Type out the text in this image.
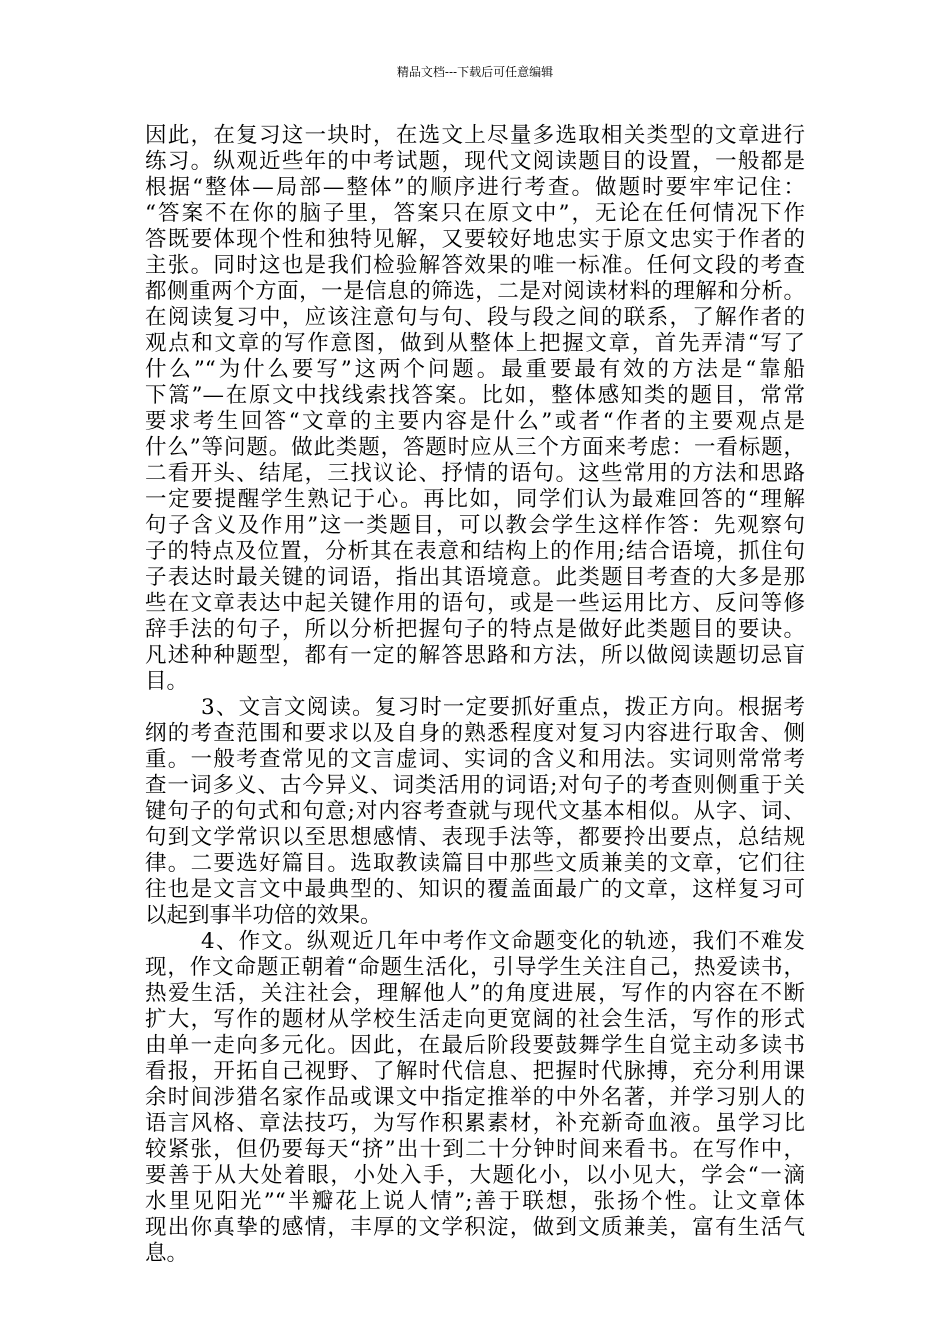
精品文档---下载后可任意编辑
因此，在复习这一块时，在选文上尽量多选取相关类型的文章进行
练习。纵观近些年的中考试题，现代文阅读题目的设置，一般都是
根据“整体—局部—整体”的顺序进行考查。做题时要牢牢记住：
“答案不在你的脑子里，答案只在原文中”，无论在任何情况下作
答既要体现个性和独特见解，又要较好地忠实于原文忠实于作者的
主张。同时这也是我们检验解答效果的唯一标准。任何文段的考查
都侧重两个方面，一是信息的筛选，二是对阅读材料的理解和分析。
在阅读复习中，应该注意句与句、段与段之间的联系，了解作者的
观点和文章的写作意图，做到从整体上把握文章，首先弄清“写了
什么”“为什么要写”这两个问题。最重要最有效的方法是“靠船
下篙”—在原文中找线索找答案。比如，整体感知类的题目，常常
要求考生回答“文章的主要内容是什么”或者“作者的主要观点是
什么”等问题。做此类题，答题时应从三个方面来考虑：一看标题，
二看开头、结尾，三找议论、抒情的语句。这些常用的方法和思路
一定要提醒学生熟记于心。再比如，同学们认为最难回答的“理解
句子含义及作用”这一类题目，可以教会学生这样作答：先观察句
子的特点及位置，分析其在表意和结构上的作用;结合语境，抓住句
子表达时最关键的词语，指出其语境意。此类题目考查的大多是那
些在文章表达中起关键作用的语句，或是一些运用比方、反问等修
辞手法的句子，所以分析把握句子的特点是做好此类题目的要诀。
凡述种种题型，都有一定的解答思路和方法，所以做阅读题切忌盲
目。
3、文言文阅读。复习时一定要抓好重点，拨正方向。根据考
纲的考查范围和要求以及自身的熟悉程度对复习内容进行取舍、侧
重。一般考查常见的文言虚词、实词的含义和用法。实词则常常考
查一词多义、古今异义、词类活用的词语;对句子的考查则侧重于关
键句子的句式和句意;对内容考查就与现代文基本相似。从字、词、
句到文学常识以至思想感情、表现手法等，都要拎出要点，总结规
律。二要选好篇目。选取教读篇目中那些文质兼美的文章，它们往
往也是文言文中最典型的、知识的覆盖面最广的文章，这样复习可
以起到事半功倍的效果。
4、作文。纵观近几年中考作文命题变化的轨迹，我们不难发
现，作文命题正朝着“命题生活化，引导学生关注自己，热爱读书，
热爱生活，关注社会，理解他人”的角度进展，写作的内容在不断
扩大，写作的题材从学校生活走向更宽阔的社会生活，写作的形式
由单一走向多元化。因此，在最后阶段要鼓舞学生自觉主动多读书
看报，开拓自己视野、了解时代信息、把握时代脉搏，充分利用课
余时间涉猎名家作品或课文中指定推举的中外名著，并学习别人的
语言风格、章法技巧，为写作积累素材，补充新奇血液。虽学习比
较紧张，但仍要每天“挤”出十到二十分钟时间来看书。在写作中，
要善于从大处着眼，小处入手，大题化小，以小见大，学会“一滴
水里见阳光”“半瓣花上说人情”;善于联想，张扬个性。让文章体
现出你真挚的感情，丰厚的文学积淀，做到文质兼美，富有生活气
息。
